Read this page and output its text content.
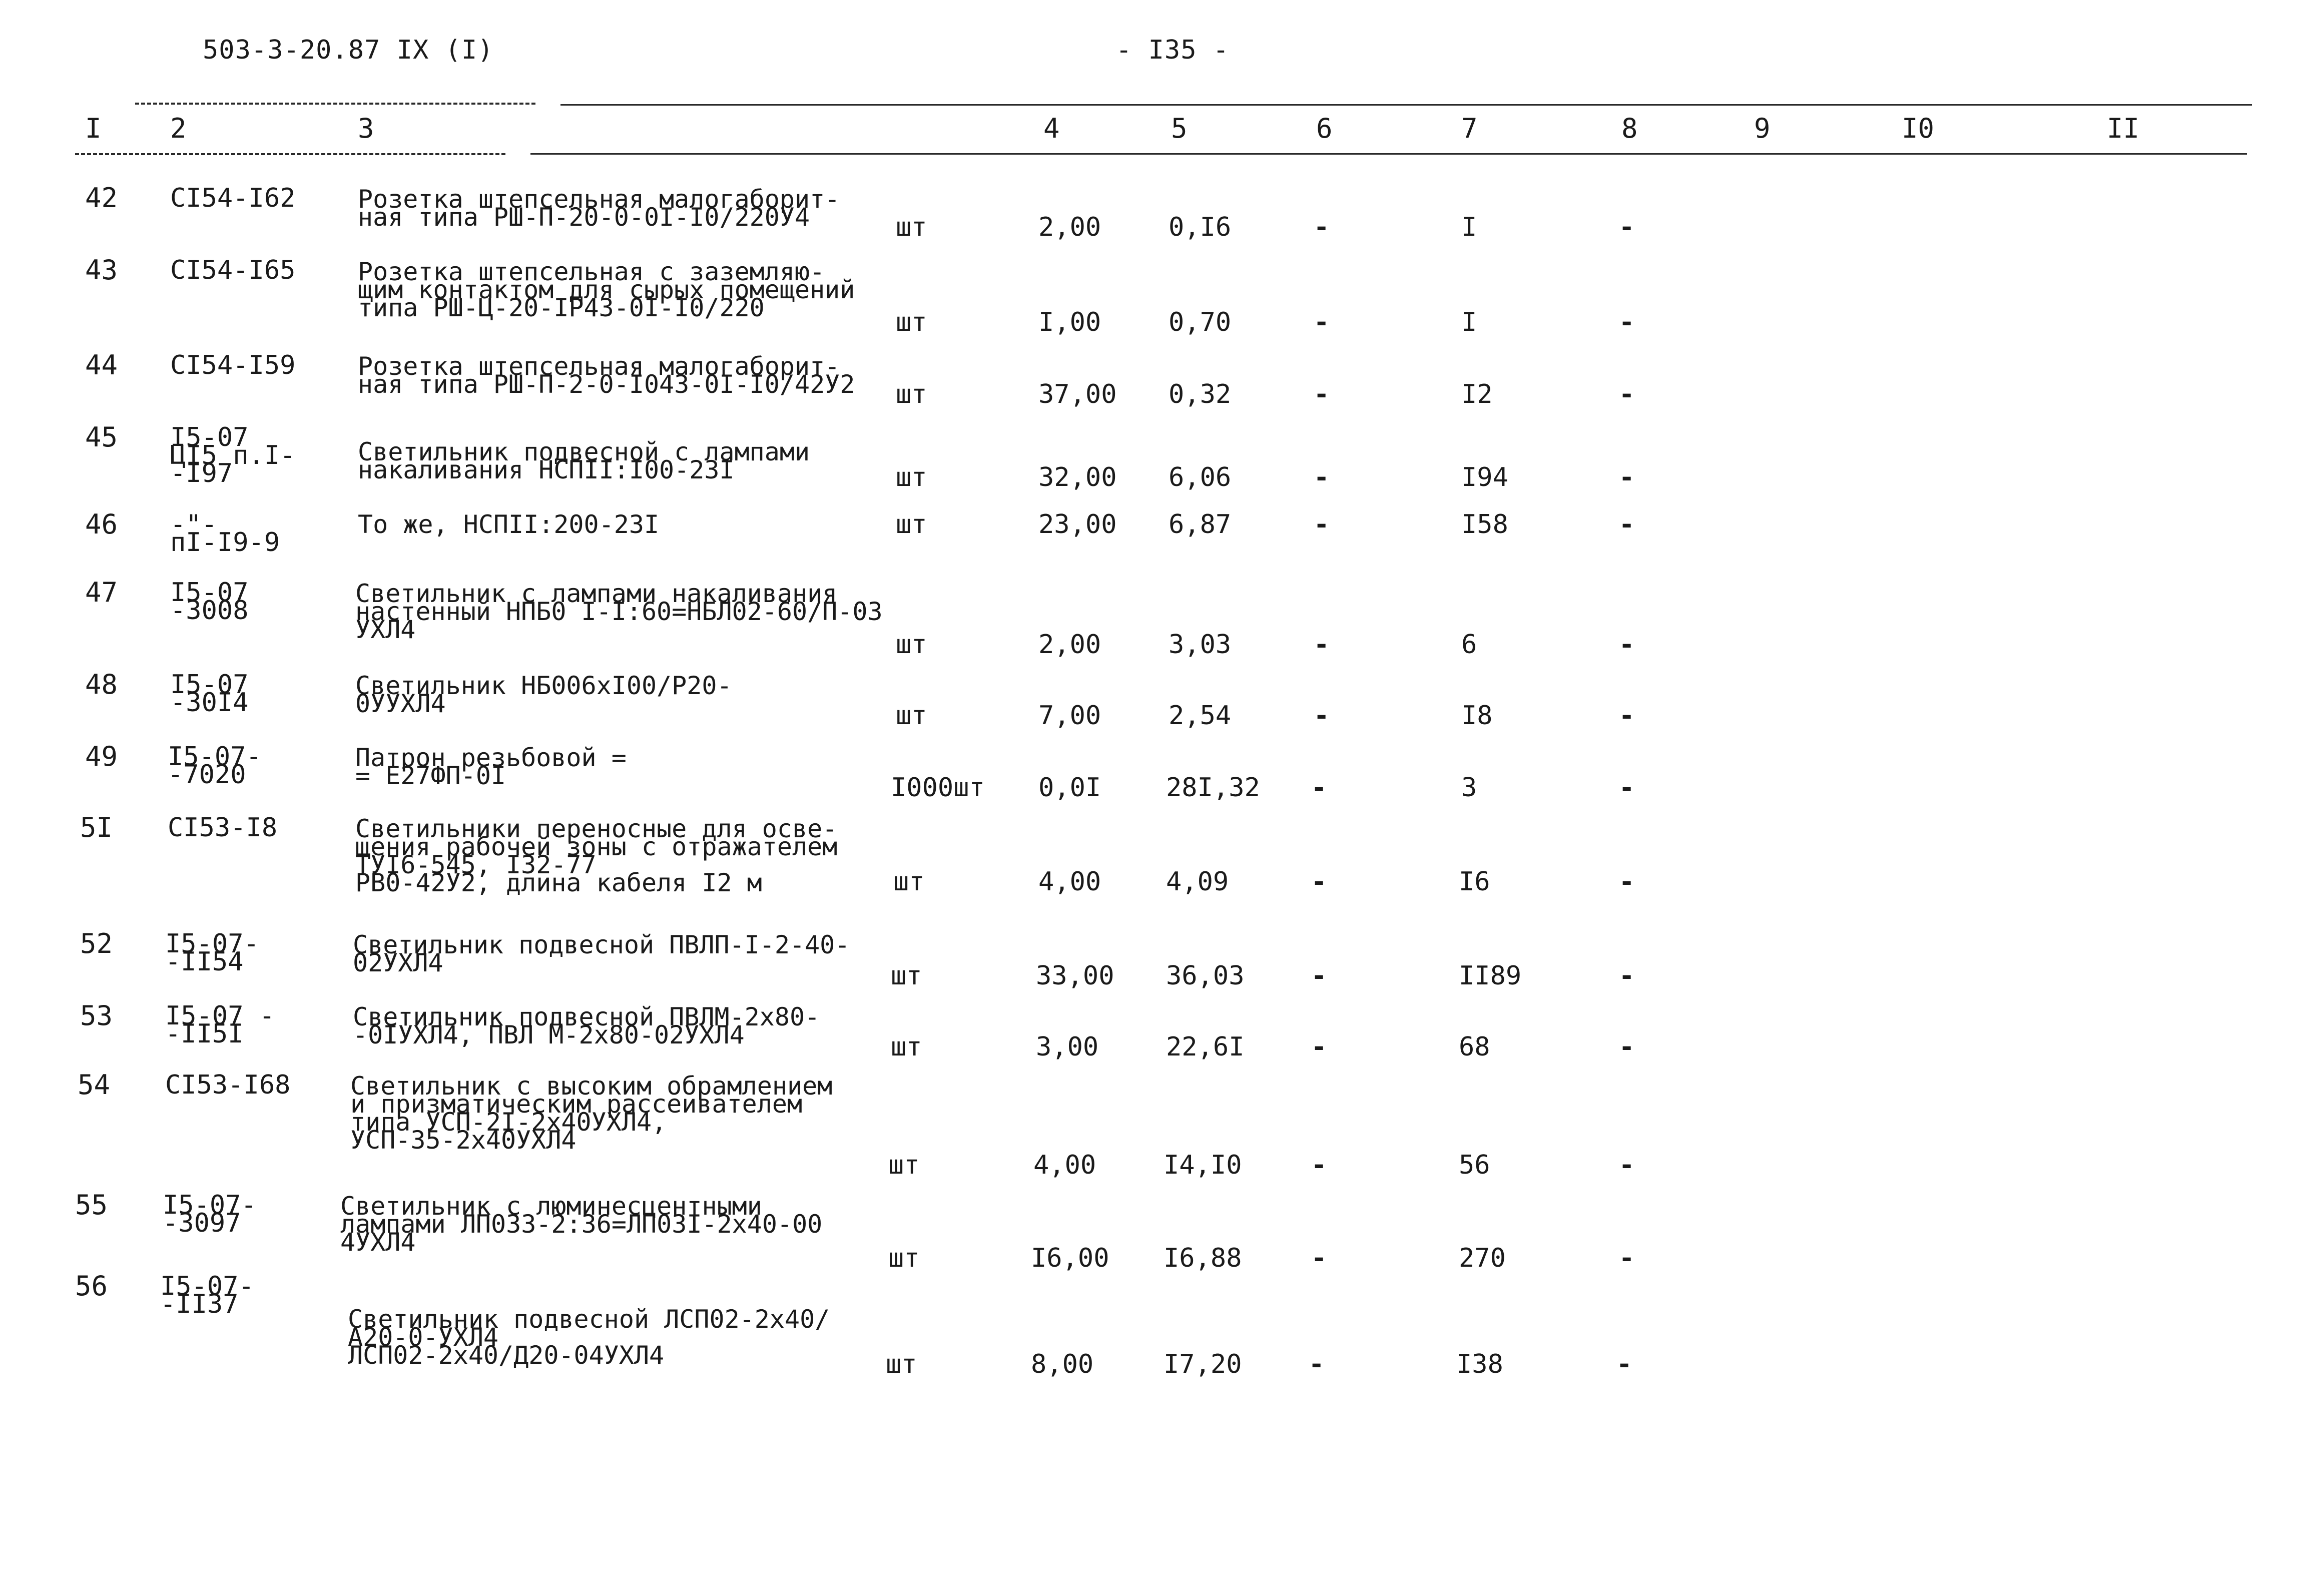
503-3-20.87 IX (I)	- I35 -
I	2	3	4	5	6	7	8	9	I0	II
42 CI54-I62 Розетка штепсельная малогаборит-
ная типа РШ-П-20-0-0I-I0/220У4	шт	2,00	0,I6	-	I	-
43 CI54-I65 Розетка штепсельная с заземляю-
щим контактом для сырых помещений
типа РШ-Ц-20-IР43-0I-I0/220	шт	I,00	0,70	-	I	-
44 CI54-I59 Розетка штепсельная малогаборит-
ная типа РШ-П-2-0-I043-0I-I0/42У2 шт	37,00 0,32	-	I2	-
45 I5-07
ЦI5 п.I-
-I97
Светильник подвесной с лампами
накаливания НСПII:I00-23I	шт	32,00 6,06	-	I94	-
46 -"-
пI-I9-9
То же, НСПII:200-23I	шт	23,00 6,87	-	I58	-
47 I5-07
-3008
Светильник с лампами накаливания
настенный НПБ0 I-I:60=НБЛ02-60/П-03
УХЛ4	шт	2,00	3,03	-	6	-
48 I5-07
-30I4
Светильник НБ006хI00/Р20-
0УУХЛ4	шт	7,00	2,54	-	I8	-
49 I5-07-
-7020
Патрон резьбовой =
= Е27ФП-0I	I000шт 0,0I 28I,32 -	3	-
5I CI53-I8	Светильники переносные для осве-
щения рабочей зоны с отражателем
ТУI6-545, I32-77
РВ0-42У2, длина кабеля I2 м	шт	4,00 4,09	-	I6	-
52 I5-07-
-II54
Светильник подвесной ПВЛП-I-2-40-
02УХЛ4	шт	33,00 36,03	-	II89	-
53 I5-07 -
-II5I
Светильник подвесной ПВЛМ-2х80-
-0IУХЛ4, ПВЛ М-2х80-02УХЛ4	шт	3,00	22,6I	-	68	-
54 CI53-I68 Светильник с высоким обрамлением
и призматическим рассеивателем
типа УСП-2I-2х40УХЛ4,
УСП-35-2х40УХЛ4
шт	4,00	I4,I0	-	56	-
55 I5-07-
-3097
Светильник с люминесцентными
лампами ЛП033-2:36=ЛП03I-2х40-00
4УХЛ4
шт	I6,00 I6,88	-	270	-
56 I5-07-
-II37	
Светильник подвесной ЛСП02-2х40/
А20-0-УХЛ4
ЛСП02-2х40/Д20-04УХЛ4	шт	8,00	I7,20	-	I38	-
